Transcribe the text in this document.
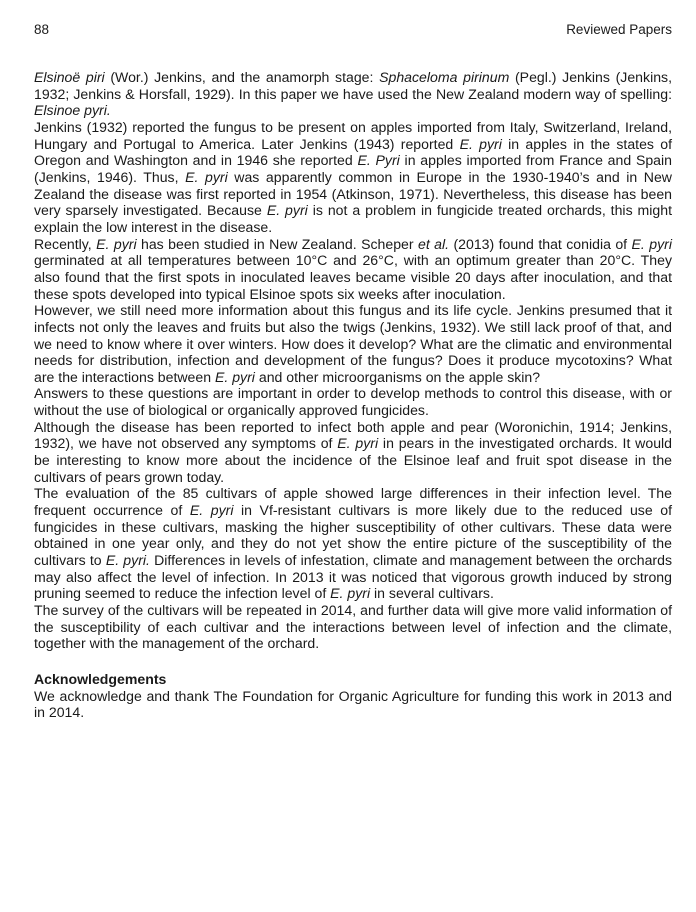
88	Reviewed Papers

Elsinoë piri (Wor.) Jenkins, and the anamorph stage: Sphaceloma pirinum (Pegl.) Jenkins (Jenkins, 1932; Jenkins & Horsfall, 1929). In this paper we have used the New Zealand modern way of spelling: Elsinoe pyri.

Jenkins (1932) reported the fungus to be present on apples imported from Italy, Switzerland, Ireland, Hungary and Portugal to America. Later Jenkins (1943) reported E. pyri in apples in the states of Oregon and Washington and in 1946 she reported E. Pyri in apples imported from France and Spain (Jenkins, 1946). Thus, E. pyri was apparently common in Europe in the 1930-1940’s and in New Zealand the disease was first reported in 1954 (Atkinson, 1971). Nevertheless, this disease has been very sparsely investigated. Because E. pyri is not a problem in fungicide treated orchards, this might explain the low interest in the disease.

Recently, E. pyri has been studied in New Zealand. Scheper et al. (2013) found that conidia of E. pyri germinated at all temperatures between 10°C and 26°C, with an optimum greater than 20°C. They also found that the first spots in inoculated leaves became visible 20 days after inoculation, and that these spots developed into typical Elsinoe spots six weeks after inoculation.

However, we still need more information about this fungus and its life cycle. Jenkins presumed that it infects not only the leaves and fruits but also the twigs (Jenkins, 1932). We still lack proof of that, and we need to know where it over winters. How does it develop? What are the climatic and environmental needs for distribution, infection and development of the fungus? Does it produce mycotoxins? What are the interactions between E. pyri and other microorganisms on the apple skin?

Answers to these questions are important in order to develop methods to control this disease, with or without the use of biological or organically approved fungicides.

Although the disease has been reported to infect both apple and pear (Woronichin, 1914; Jenkins, 1932), we have not observed any symptoms of E. pyri in pears in the investigated orchards. It would be interesting to know more about the incidence of the Elsinoe leaf and fruit spot disease in the cultivars of pears grown today.

The evaluation of the 85 cultivars of apple showed large differences in their infection level. The frequent occurrence of E. pyri in Vf-resistant cultivars is more likely due to the reduced use of fungicides in these cultivars, masking the higher susceptibility of other cultivars. These data were obtained in one year only, and they do not yet show the entire picture of the susceptibility of the cultivars to E. pyri. Differences in levels of infestation, climate and management between the orchards may also affect the level of infection. In 2013 it was noticed that vigorous growth induced by strong pruning seemed to reduce the infection level of E. pyri in several cultivars.

The survey of the cultivars will be repeated in 2014, and further data will give more valid information of the susceptibility of each cultivar and the interactions between level of infection and the climate, together with the management of the orchard.

Acknowledgements

We acknowledge and thank The Foundation for Organic Agriculture for funding this work in 2013 and in 2014.
